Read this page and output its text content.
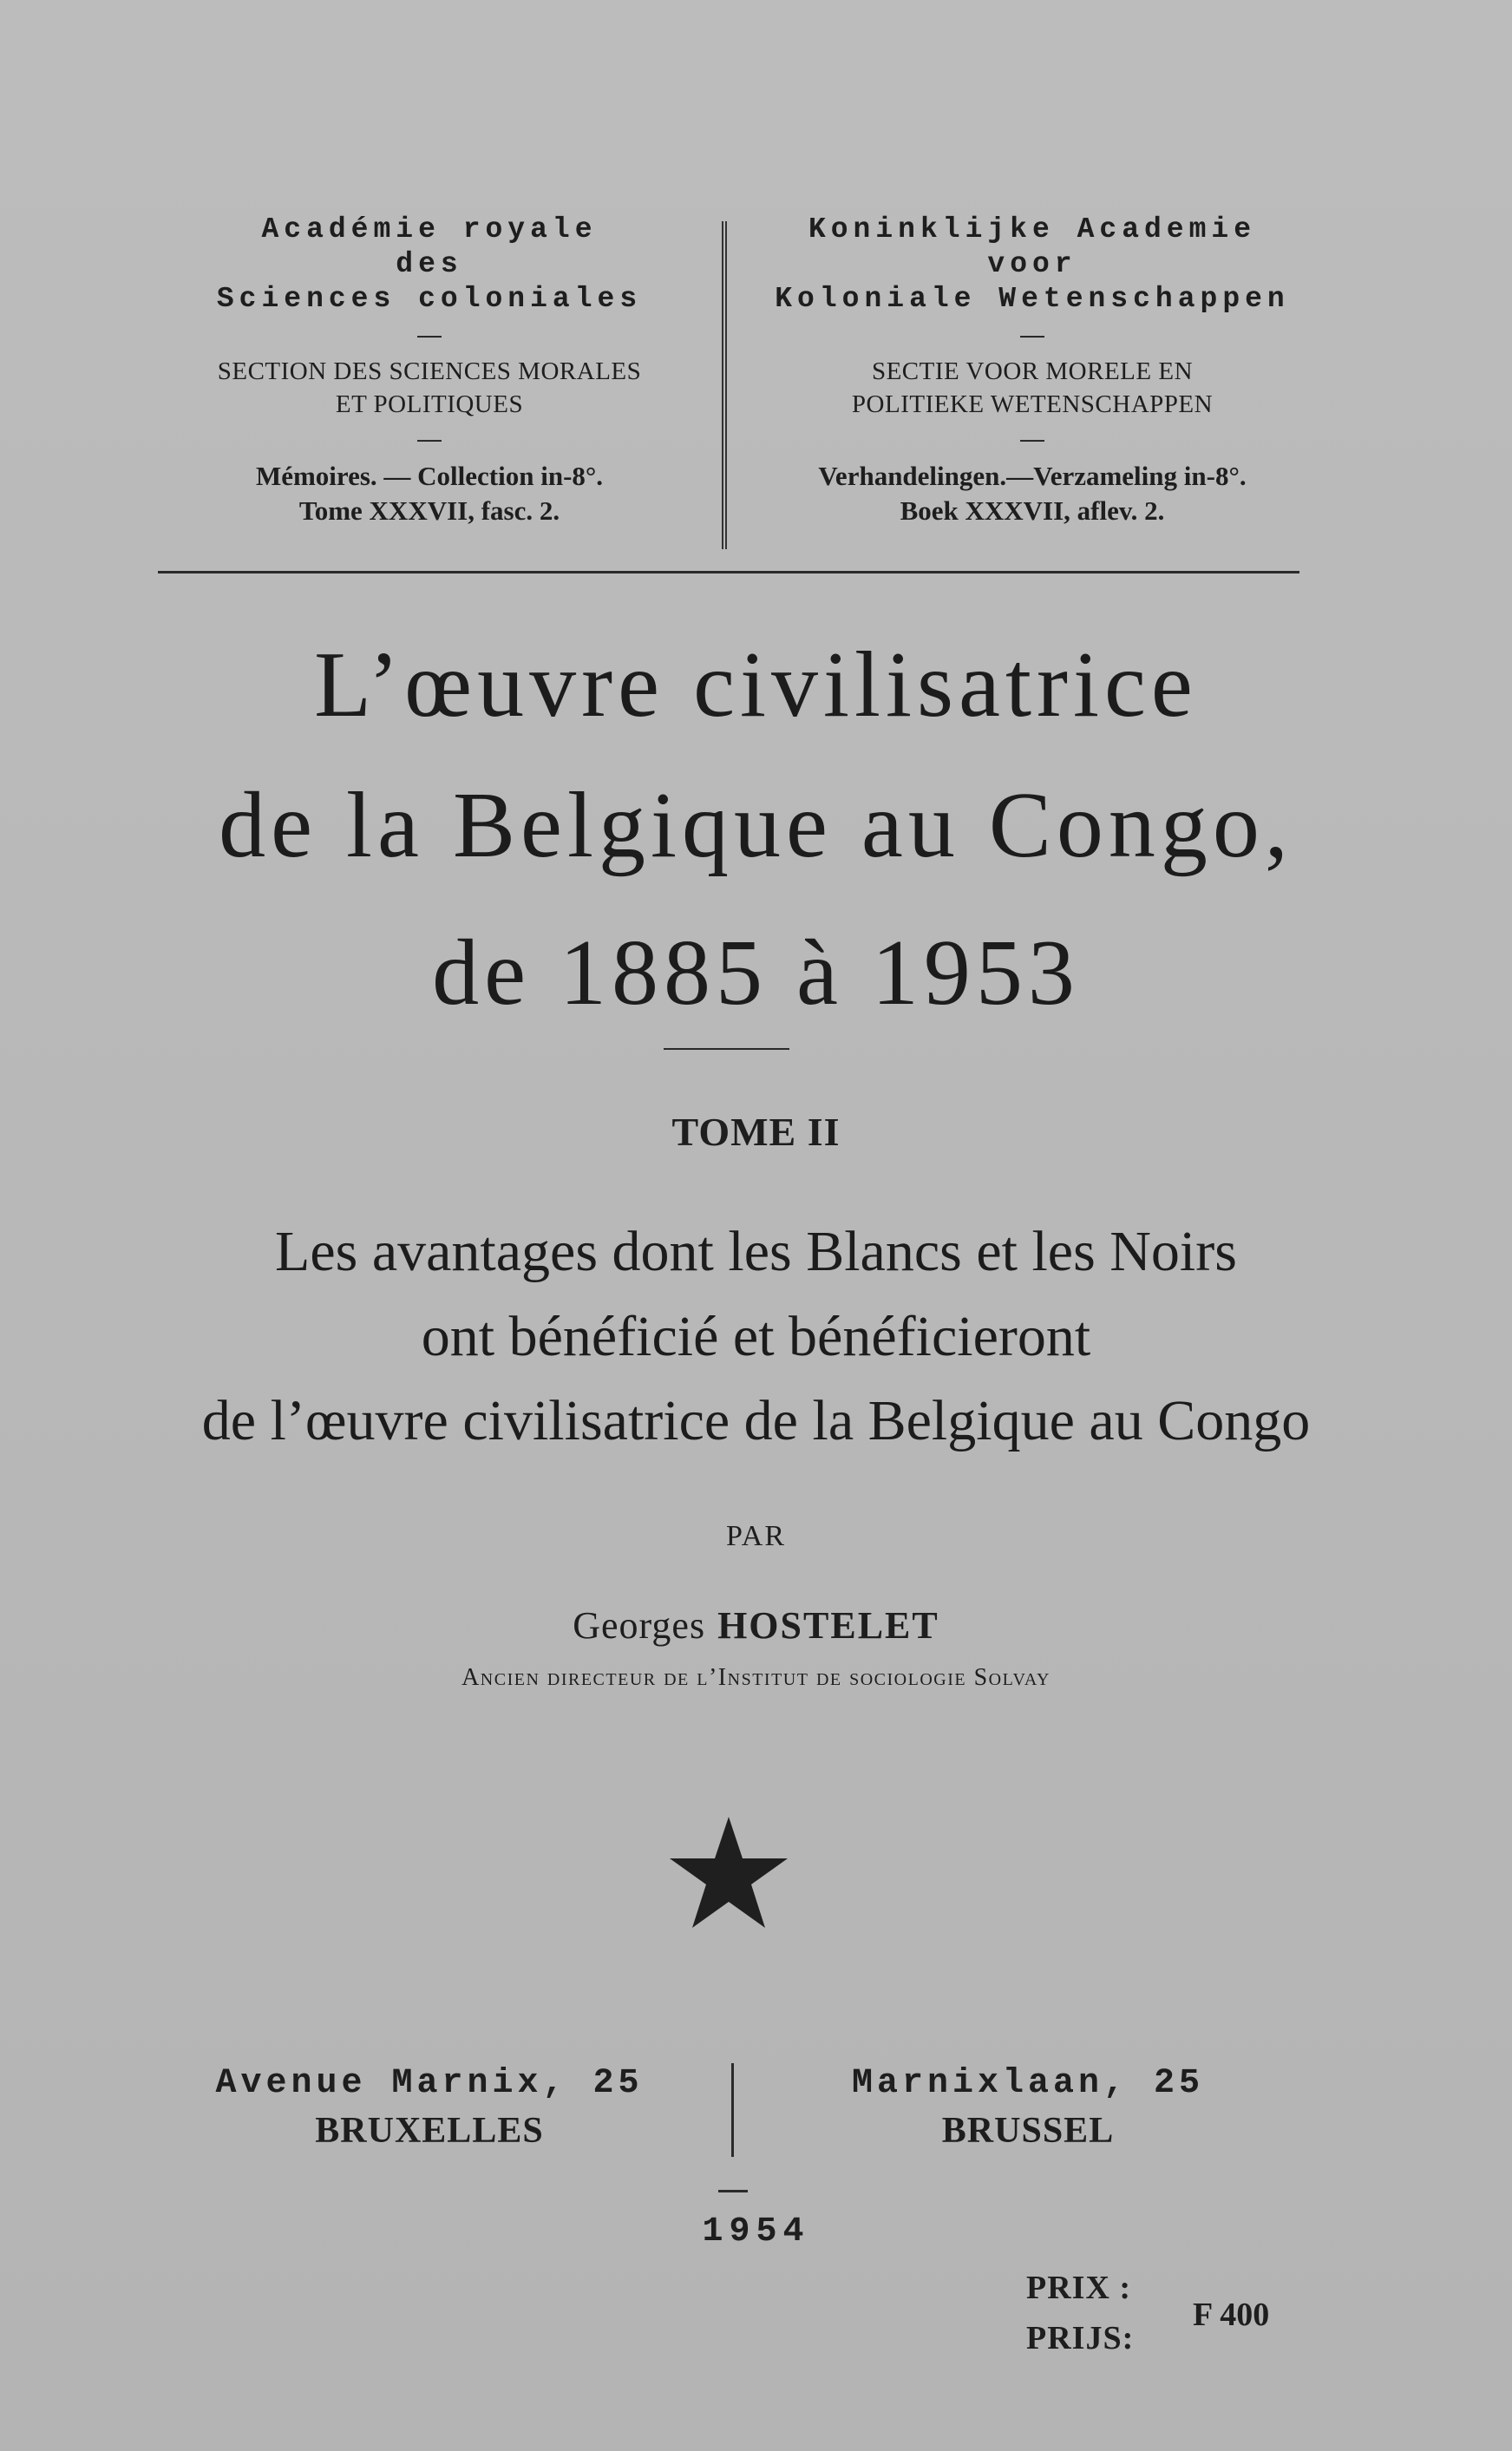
Académie royale
des
Sciences coloniales
—
SECTION DES SCIENCES MORALES
ET POLITIQUES
—
Mémoires. — Collection in-8°.
Tome XXXVII, fasc. 2.
Koninklijke Academie
voor
Koloniale Wetenschappen
—
SECTIE VOOR MORELE EN
POLITIEKE WETENSCHAPPEN
—
Verhandelingen.—Verzameling in-8°.
Boek XXXVII, aflev. 2.
L’œuvre civilisatrice
de la Belgique au Congo,
de 1885 à 1953
TOME II
Les avantages dont les Blancs et les Noirs
ont bénéficié et bénéficieront
de l’œuvre civilisatrice de la Belgique au Congo
PAR
Georges HOSTELET
Ancien directeur de l’Institut de sociologie Solvay
Avenue Marnix, 25
BRUXELLES
Marnixlaan, 25
BRUSSEL
1954
PRIX :
PRIJS:
F 400
